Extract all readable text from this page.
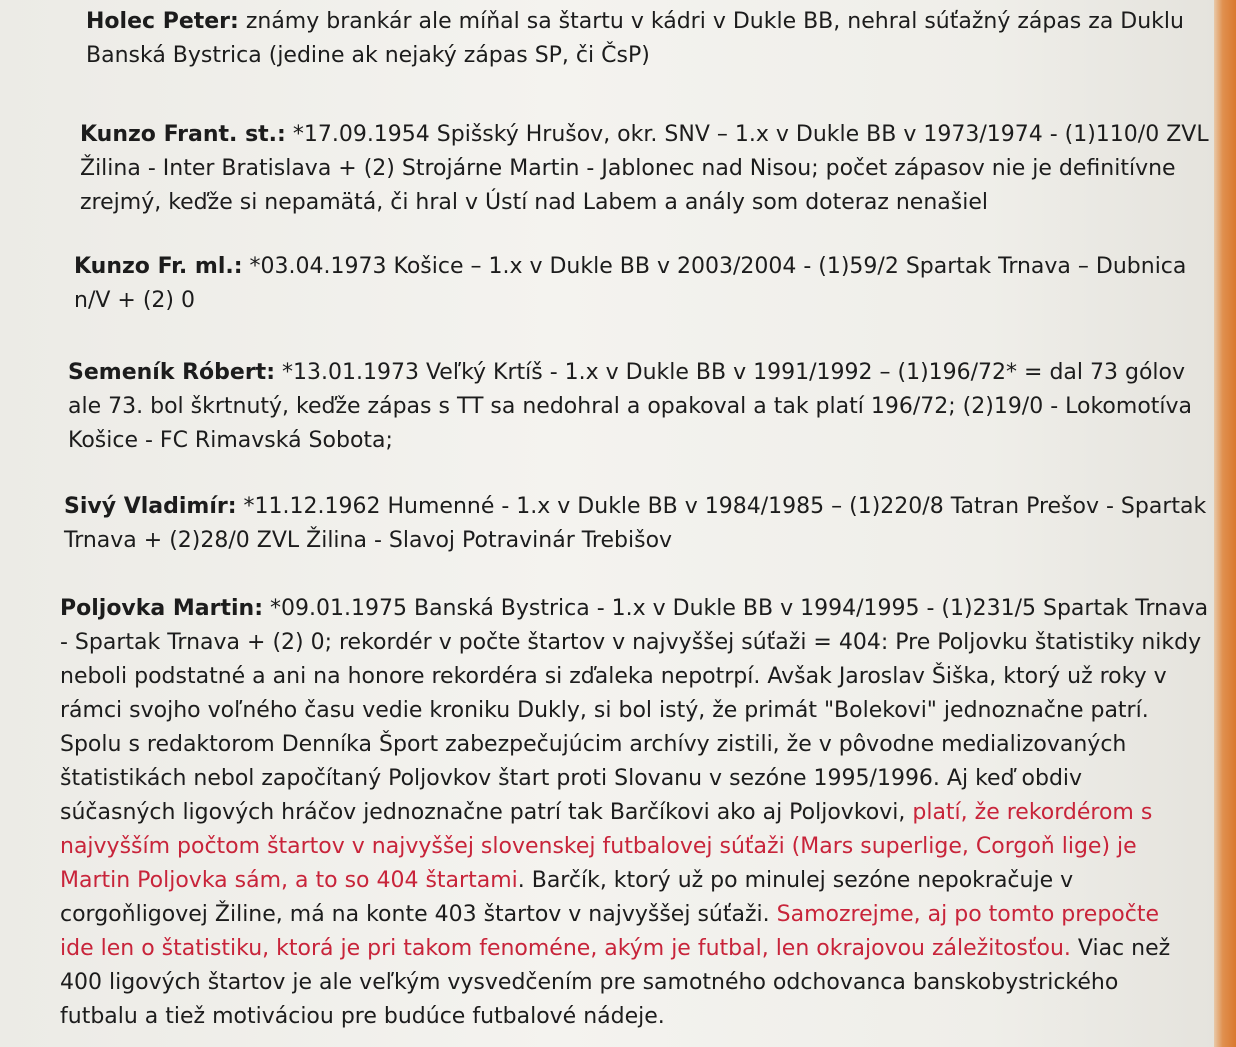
Holec Peter: známy brankár ale míňal sa štartu v kádri v Dukle BB, nehral súťažný zápas za Duklu
Banská Bystrica (jedine ak nejaký zápas SP, či ČsP)
Kunzo Frant. st.: *17.09.1954 Spišský Hrušov, okr. SNV – 1.x v Dukle BB v 1973/1974 - (1)110/0 ZVL
Žilina - Inter Bratislava + (2) Strojárne Martin - Jablonec nad Nisou; počet zápasov nie je definitívne
zrejmý, keďže si nepamätá, či hral v Ústí nad Labem a anály som doteraz nenašiel
Kunzo Fr. ml.: *03.04.1973 Košice – 1.x v Dukle BB v 2003/2004 - (1)59/2 Spartak Trnava – Dubnica
n/V + (2) 0
Semeník Róbert: *13.01.1973 Veľký Krtíš - 1.x v Dukle BB v 1991/1992 – (1)196/72* = dal 73 gólov
ale 73. bol škrtnutý, keďže zápas s TT sa nedohral a opakoval a tak platí 196/72; (2)19/0 - Lokomotíva
Košice - FC Rimavská Sobota;
Sivý Vladimír: *11.12.1962 Humenné - 1.x v Dukle BB v 1984/1985 – (1)220/8 Tatran Prešov - Spartak
Trnava + (2)28/0 ZVL Žilina - Slavoj Potravinár Trebišov
Poljovka Martin: *09.01.1975 Banská Bystrica - 1.x v Dukle BB v 1994/1995 - (1)231/5 Spartak Trnava
- Spartak Trnava + (2) 0; rekordér v počte štartov v najvyššej súťaži = 404: Pre Poljovku štatistiky nikdy
neboli podstatné a ani na honore rekordéra si zďaleka nepotrpí. Avšak Jaroslav Šiška, ktorý už roky v
rámci svojho voľného času vedie kroniku Dukly, si bol istý, že primát "Bolekovi" jednoznačne patrí.
Spolu s redaktorom Denníka Šport zabezpečujúcim archívy zistili, že v pôvodne medializovaných
štatistikách nebol započítaný Poljovkov štart proti Slovanu v sezóne 1995/1996. Aj keď obdiv
súčasných ligových hráčov jednoznačne patrí tak Barčíkovi ako aj Poljovkovi, platí, že rekordérom s
najvyšším počtom štartov v najvyššej slovenskej futbalovej súťaži (Mars superlige, Corgoň lige) je
Martin Poljovka sám, a to so 404 štartami. Barčík, ktorý už po minulej sezóne nepokračuje v
corgoňligovej Žiline, má na konte 403 štartov v najvyššej súťaži. Samozrejme, aj po tomto prepočte
ide len o štatistiku, ktorá je pri takom fenoméne, akým je futbal, len okrajovou záležitosťou. Viac než
400 ligových štartov je ale veľkým vysvedčením pre samotného odchovanca banskobystrického
futbalu a tiež motiváciou pre budúce futbalové nádeje.
